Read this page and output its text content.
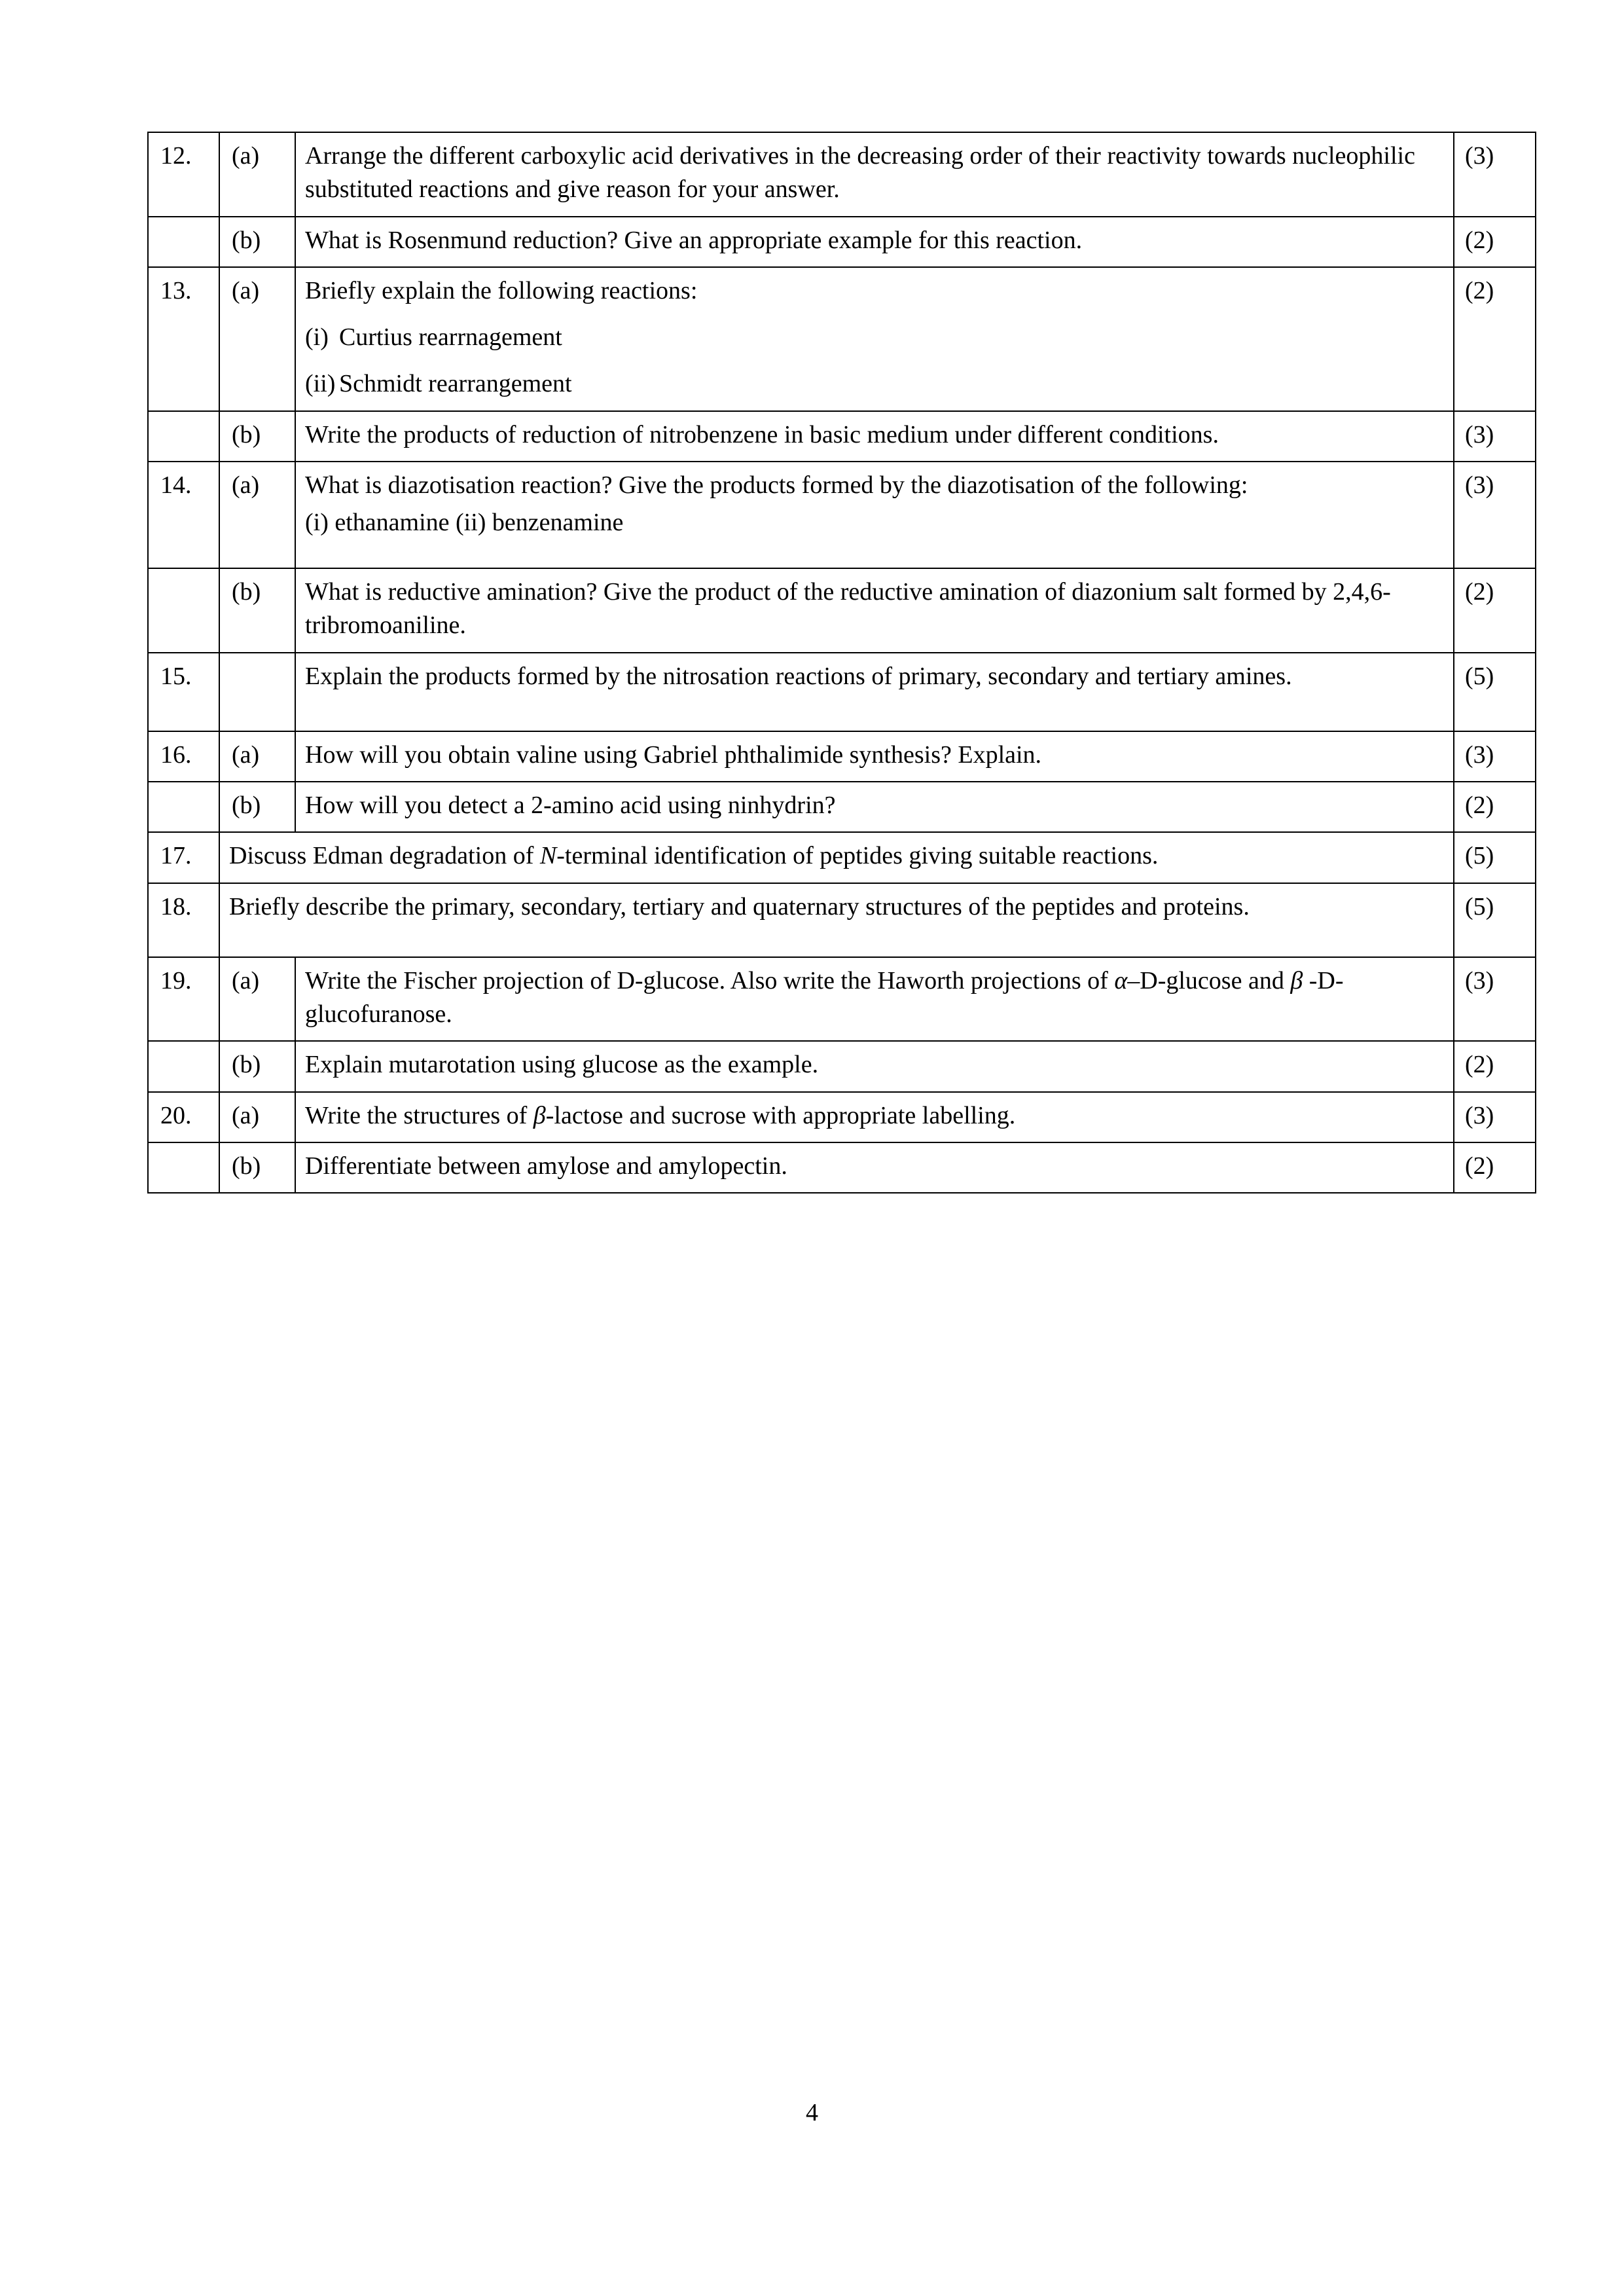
12.	(a)	Arrange the different carboxylic acid derivatives in the decreasing order of their reactivity towards nucleophilic substituted reactions and give reason for your answer.	(3)
	(b)	What is Rosenmund reduction? Give an appropriate example for this reaction.	(2)
13.	(a)	Briefly explain the following reactions:
(i) Curtius rearrnagement
(ii) Schmidt rearrangement	(2)
	(b)	Write the products of reduction of nitrobenzene in basic medium under different conditions.	(3)
14.	(a)	What is diazotisation reaction? Give the products formed by the diazotisation of the following:
(i) ethanamine (ii) benzenamine	(3)
	(b)	What is reductive amination? Give the product of the reductive amination of diazonium salt formed by 2,4,6-tribromoaniline.	(2)
15.		Explain the products formed by the nitrosation reactions of primary, secondary and tertiary amines.	(5)
16.	(a)	How will you obtain valine using Gabriel phthalimide synthesis? Explain.	(3)
	(b)	How will you detect a 2-amino acid using ninhydrin?	(2)
17.	Discuss Edman degradation of N-terminal identification of peptides giving suitable reactions.		(5)
18.	Briefly describe the primary, secondary, tertiary and quaternary structures of the peptides and proteins.		(5)
19.	(a)	Write the Fischer projection of D-glucose. Also write the Haworth projections of α–D-glucose and β -D-glucofuranose.	(3)
	(b)	Explain mutarotation using glucose as the example.	(2)
20.	(a)	Write the structures of β-lactose and sucrose with appropriate labelling.	(3)
	(b)	Differentiate between amylose and amylopectin.	(2)
4
